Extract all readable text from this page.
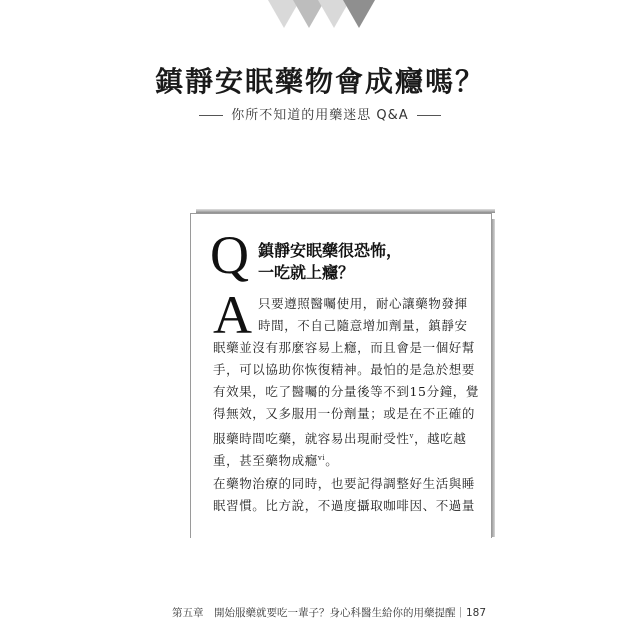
鎮靜安眠藥物會成癮嗎？
你所不知道的用藥迷思 Q&A
Q 鎮靜安眠藥很恐怖，
一吃就上癮？
A 只要遵照醫囑使用，耐心讓藥物發揮
時間，不自己隨意增加劑量，鎮靜安
眠藥並沒有那麼容易上癮，而且會是一個好幫
手，可以協助你恢復精神。最怕的是急於想要
有效果，吃了醫囑的分量後等不到15分鐘，覺
得無效，又多服用一份劑量；或是在不正確的
服藥時間吃藥，就容易出現耐受性$^v$，越吃越
重，甚至藥物成癮$^{vi}$。
在藥物治療的同時，也要記得調整好生活與睡
眠習慣。比方說，不過度攝取咖啡因、不過量
第五章　開始服藥就要吃一輩子？身心科醫生給你的用藥提醒｜187
